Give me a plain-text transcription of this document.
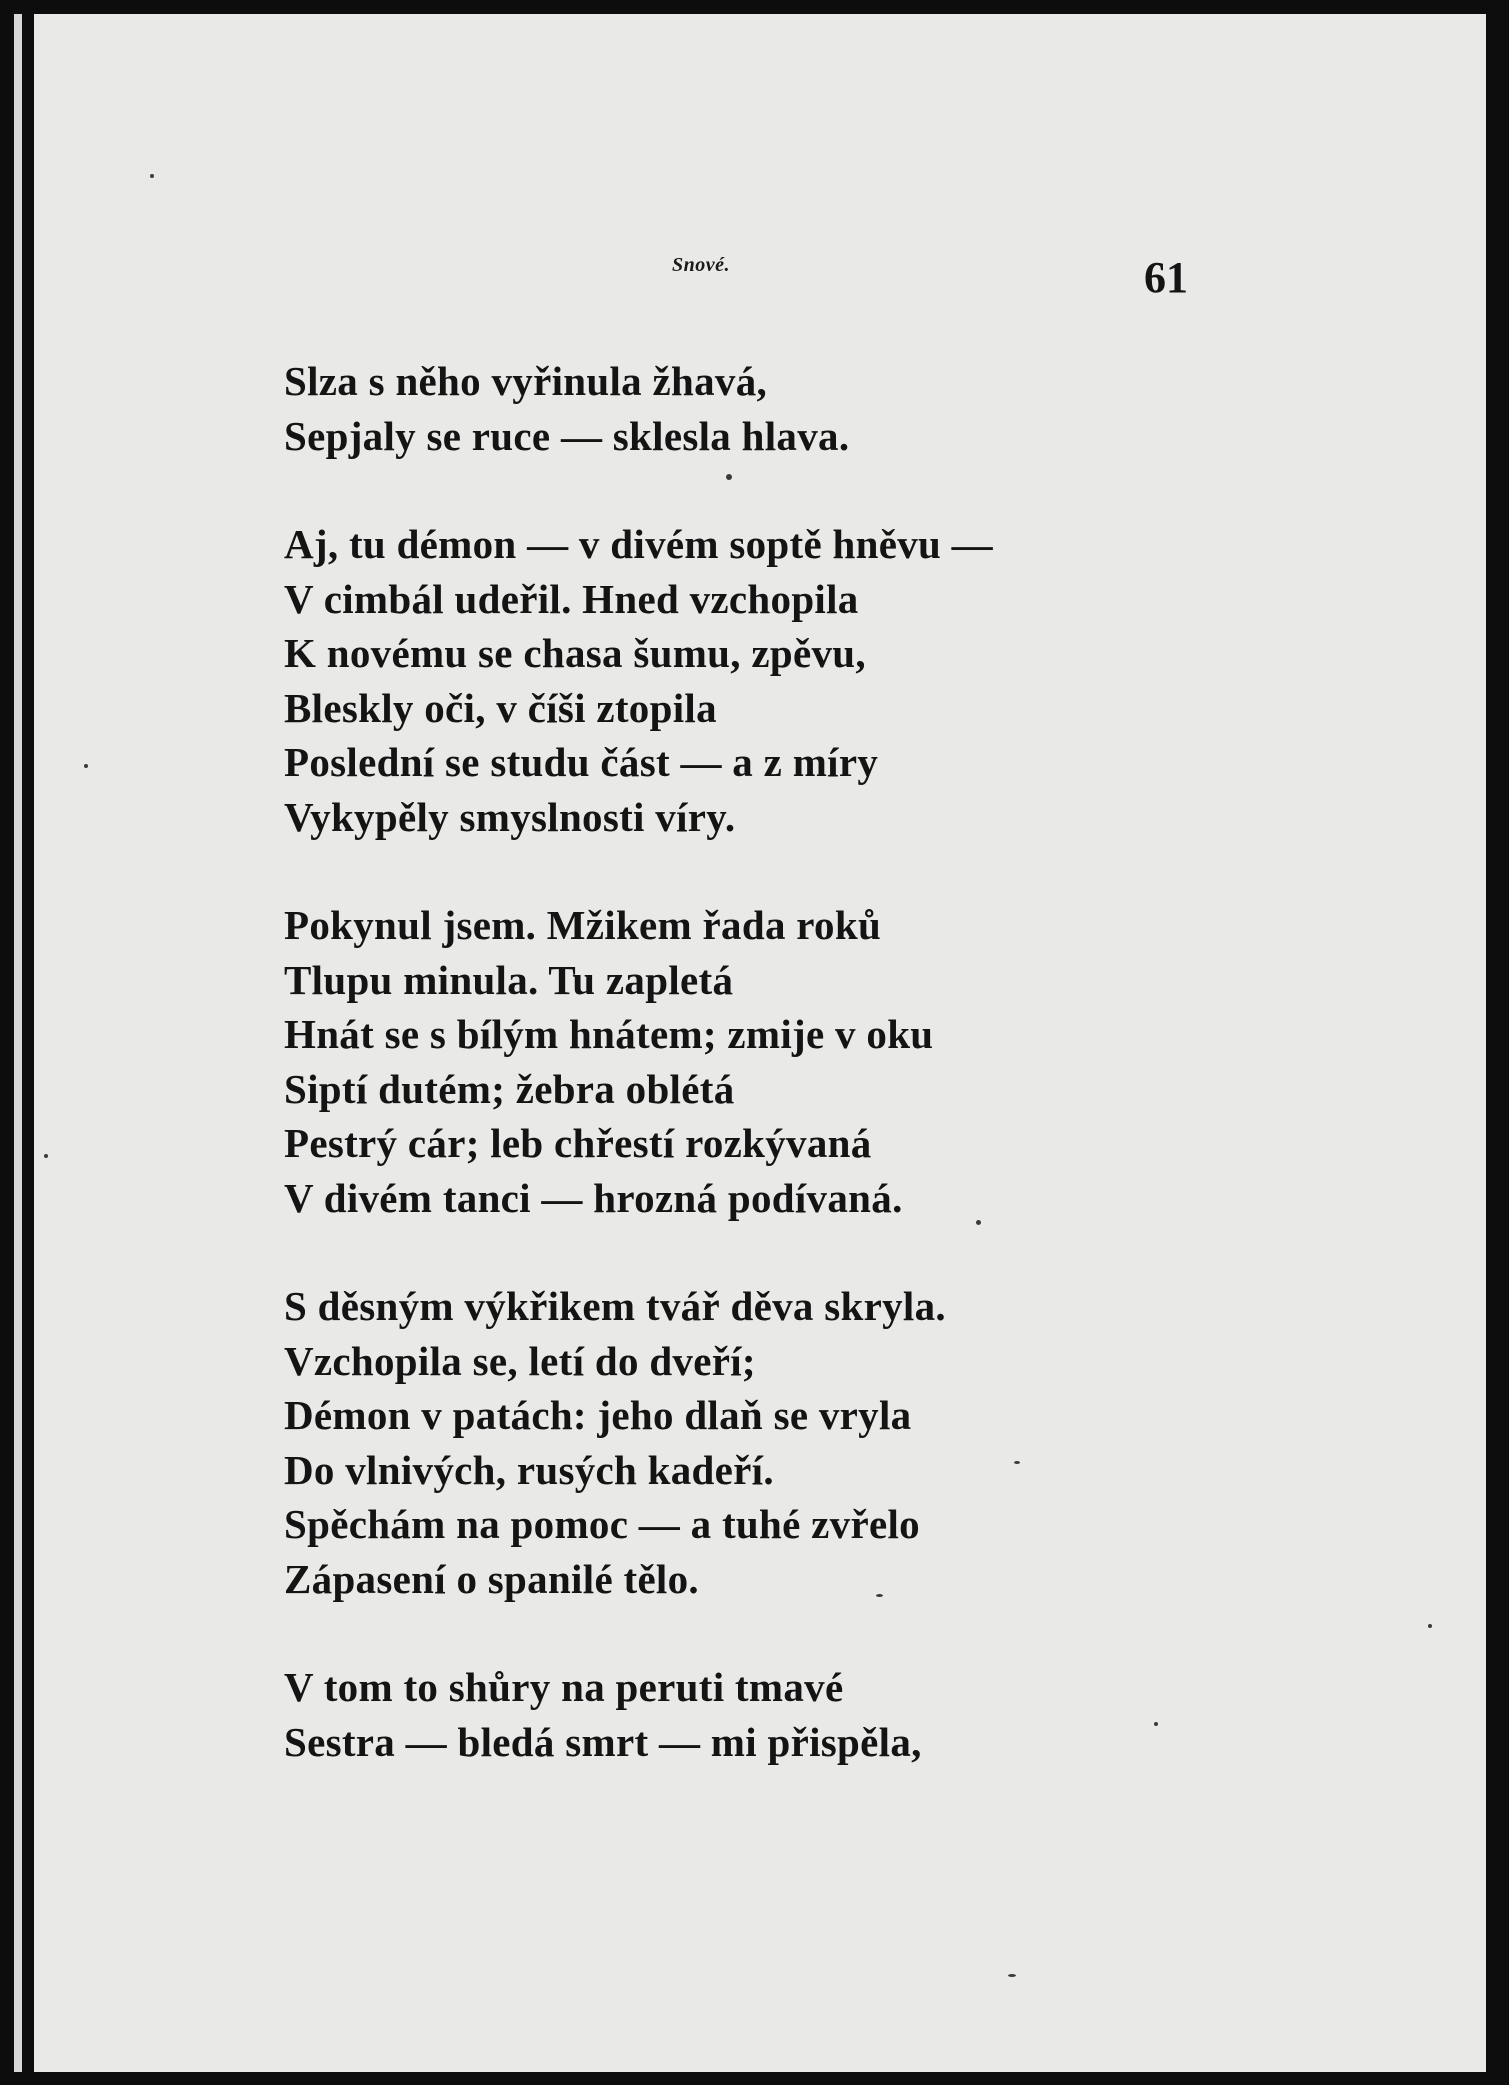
Snové.	61
Slza s něho vyřinula žhavá,
Sepjaly se ruce — sklesla hlava.
Aj, tu démon — v divém soptě hněvu —
V cimbál udeřil. Hned vzchopila
K novému se chasa šumu, zpěvu,
Bleskly oči, v číši ztopila
Poslední se studu část — a z míry
Vykypěly smyslnosti víry.
Pokynul jsem. Mžikem řada roků
Tlupu minula. Tu zapletá
Hnát se s bílým hnátem; zmije v oku
Siptí dutém; žebra oblétá
Pestrý cár; leb chřestí rozkývaná
V divém tanci — hrozná podívaná.
S děsným výkřikem tvář děva skryla.
Vzchopila se, letí do dveří;
Démon v patách: jeho dlaň se vryla
Do vlnivých, rusých kadeří.
Spěchám na pomoc — a tuhé zvřelo
Zápasení o spanilé tělo.
V tom to shůry na peruti tmavé
Sestra — bledá smrt — mi přispěla,
